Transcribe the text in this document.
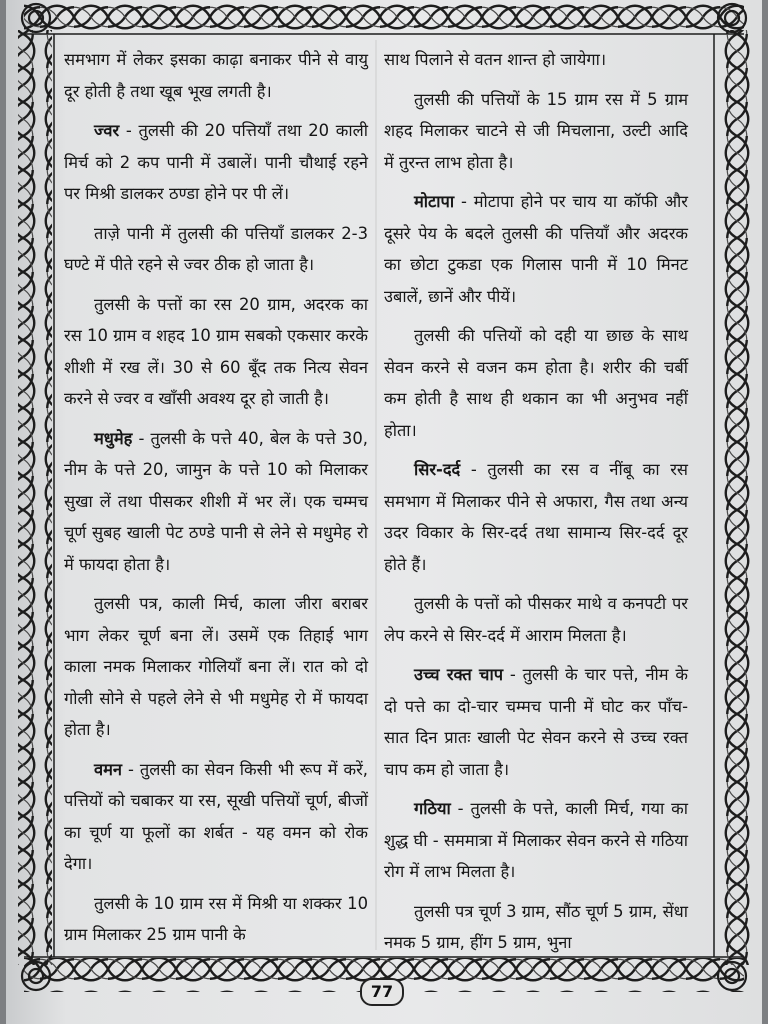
समभाग में लेकर इसका काढ़ा बनाकर पीने से वायु दूर होती है तथा खूब भूख लगती है।

ज्वर - तुलसी की 20 पत्तियाँ तथा 20 काली मिर्च को 2 कप पानी में उबालें। पानी चौथाई रहने पर मिश्री डालकर ठण्डा होने पर पी लें।

ताज़े पानी में तुलसी की पत्तियाँ डालकर 2-3 घण्टे में पीते रहने से ज्वर ठीक हो जाता है।

तुलसी के पत्तों का रस 20 ग्राम, अदरक का रस 10 ग्राम व शहद 10 ग्राम सबको एकसार करके शीशी में रख लें। 30 से 60 बूँद तक नित्य सेवन करने से ज्वर व खाँसी अवश्य दूर हो जाती है।

मधुमेह - तुलसी के पत्ते 40, बेल के पत्ते 30, नीम के पत्ते 20, जामुन के पत्ते 10 को मिलाकर सुखा लें तथा पीसकर शीशी में भर लें। एक चम्मच चूर्ण सुबह खाली पेट ठण्डे पानी से लेने से मधुमेह रो में फायदा होता है।

तुलसी पत्र, काली मिर्च, काला जीरा बराबर भाग लेकर चूर्ण बना लें। उसमें एक तिहाई भाग काला नमक मिलाकर गोलियाँ बना लें। रात को दो गोली सोने से पहले लेने से भी मधुमेह रो में फायदा होता है।

वमन - तुलसी का सेवन किसी भी रूप में करें, पत्तियों को चबाकर या रस, सूखी पत्तियों चूर्ण, बीजों का चूर्ण या फूलों का शर्बत - यह वमन को रोक देगा।

तुलसी के 10 ग्राम रस में मिश्री या शक्कर 10 ग्राम मिलाकर 25 ग्राम पानी के

साथ पिलाने से वतन शान्त हो जायेगा।

तुलसी की पत्तियों के 15 ग्राम रस में 5 ग्राम शहद मिलाकर चाटने से जी मिचलाना, उल्टी आदि में तुरन्त लाभ होता है।

मोटापा - मोटापा होने पर चाय या कॉफी और दूसरे पेय के बदले तुलसी की पत्तियाँ और अदरक का छोटा टुकडा एक गिलास पानी में 10 मिनट उबालें, छानें और पीयें।

तुलसी की पत्तियों को दही या छाछ के साथ सेवन करने से वजन कम होता है। शरीर की चर्बी कम होती है साथ ही थकान का भी अनुभव नहीं होता।

सिर-दर्द - तुलसी का रस व नींबू का रस समभाग में मिलाकर पीने से अफारा, गैस तथा अन्य उदर विकार के सिर-दर्द तथा सामान्य सिर-दर्द दूर होते हैं।

तुलसी के पत्तों को पीसकर माथे व कनपटी पर लेप करने से सिर-दर्द में आराम मिलता है।

उच्च रक्त चाप - तुलसी के चार पत्ते, नीम के दो पत्ते का दो-चार चम्मच पानी में घोट कर पाँच-सात दिन प्रातः खाली पेट सेवन करने से उच्च रक्त चाप कम हो जाता है।

गठिया - तुलसी के पत्ते, काली मिर्च, गया का शुद्ध घी - सममात्रा में मिलाकर सेवन करने से गठिया रोग में लाभ मिलता है।

तुलसी पत्र चूर्ण 3 ग्राम, सौंठ चूर्ण 5 ग्राम, सेंधा नमक 5 ग्राम, हींग 5 ग्राम, भुना

77
